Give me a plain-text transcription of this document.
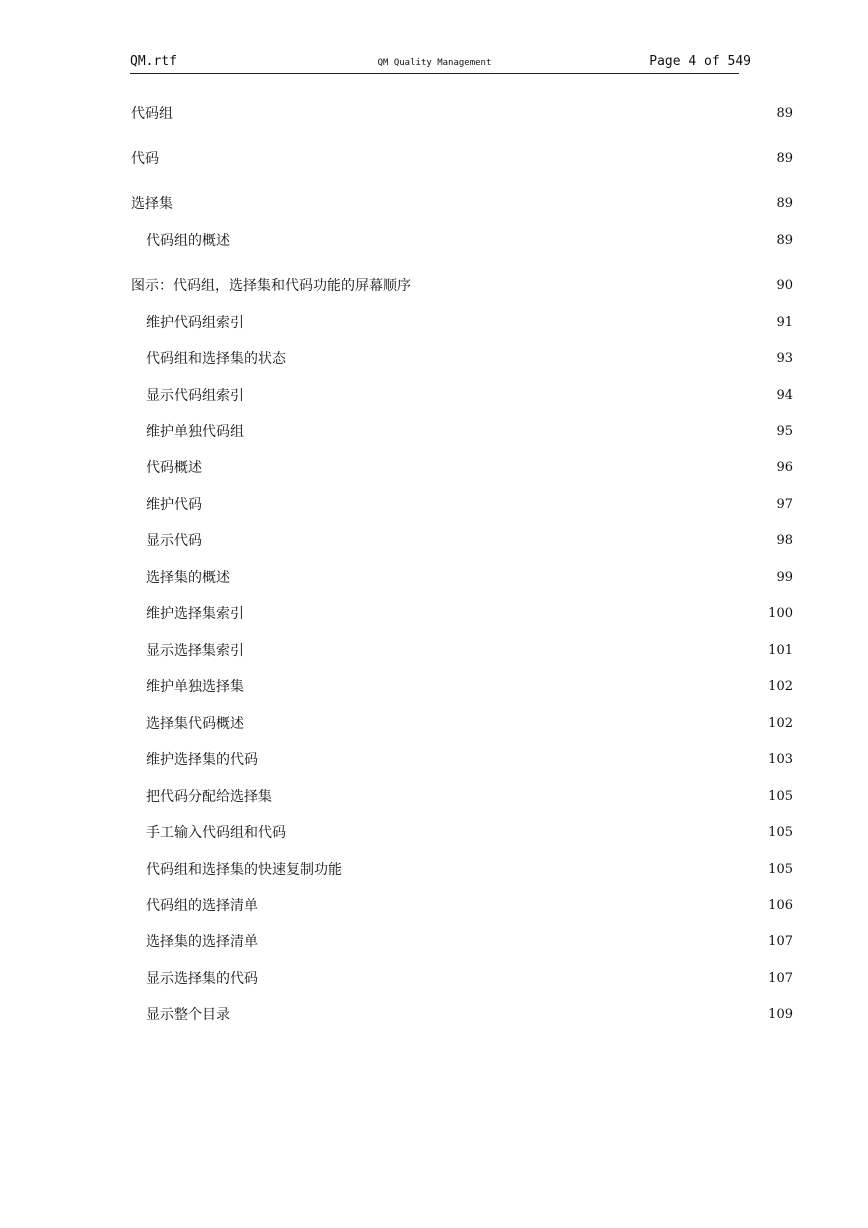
QM.rtf	QM Quality Management	Page 4 of 549
代码组	89
代码	89
选择集	89
代码组的概述	89
图示：代码组，选择集和代码功能的屏幕顺序	90
维护代码组索引	91
代码组和选择集的状态	93
显示代码组索引	94
维护单独代码组	95
代码概述	96
维护代码	97
显示代码	98
选择集的概述	99
维护选择集索引	100
显示选择集索引	101
维护单独选择集	102
选择集代码概述	102
维护选择集的代码	103
把代码分配给选择集	105
手工输入代码组和代码	105
代码组和选择集的快速复制功能	105
代码组的选择清单	106
选择集的选择清单	107
显示选择集的代码	107
显示整个目录	109
